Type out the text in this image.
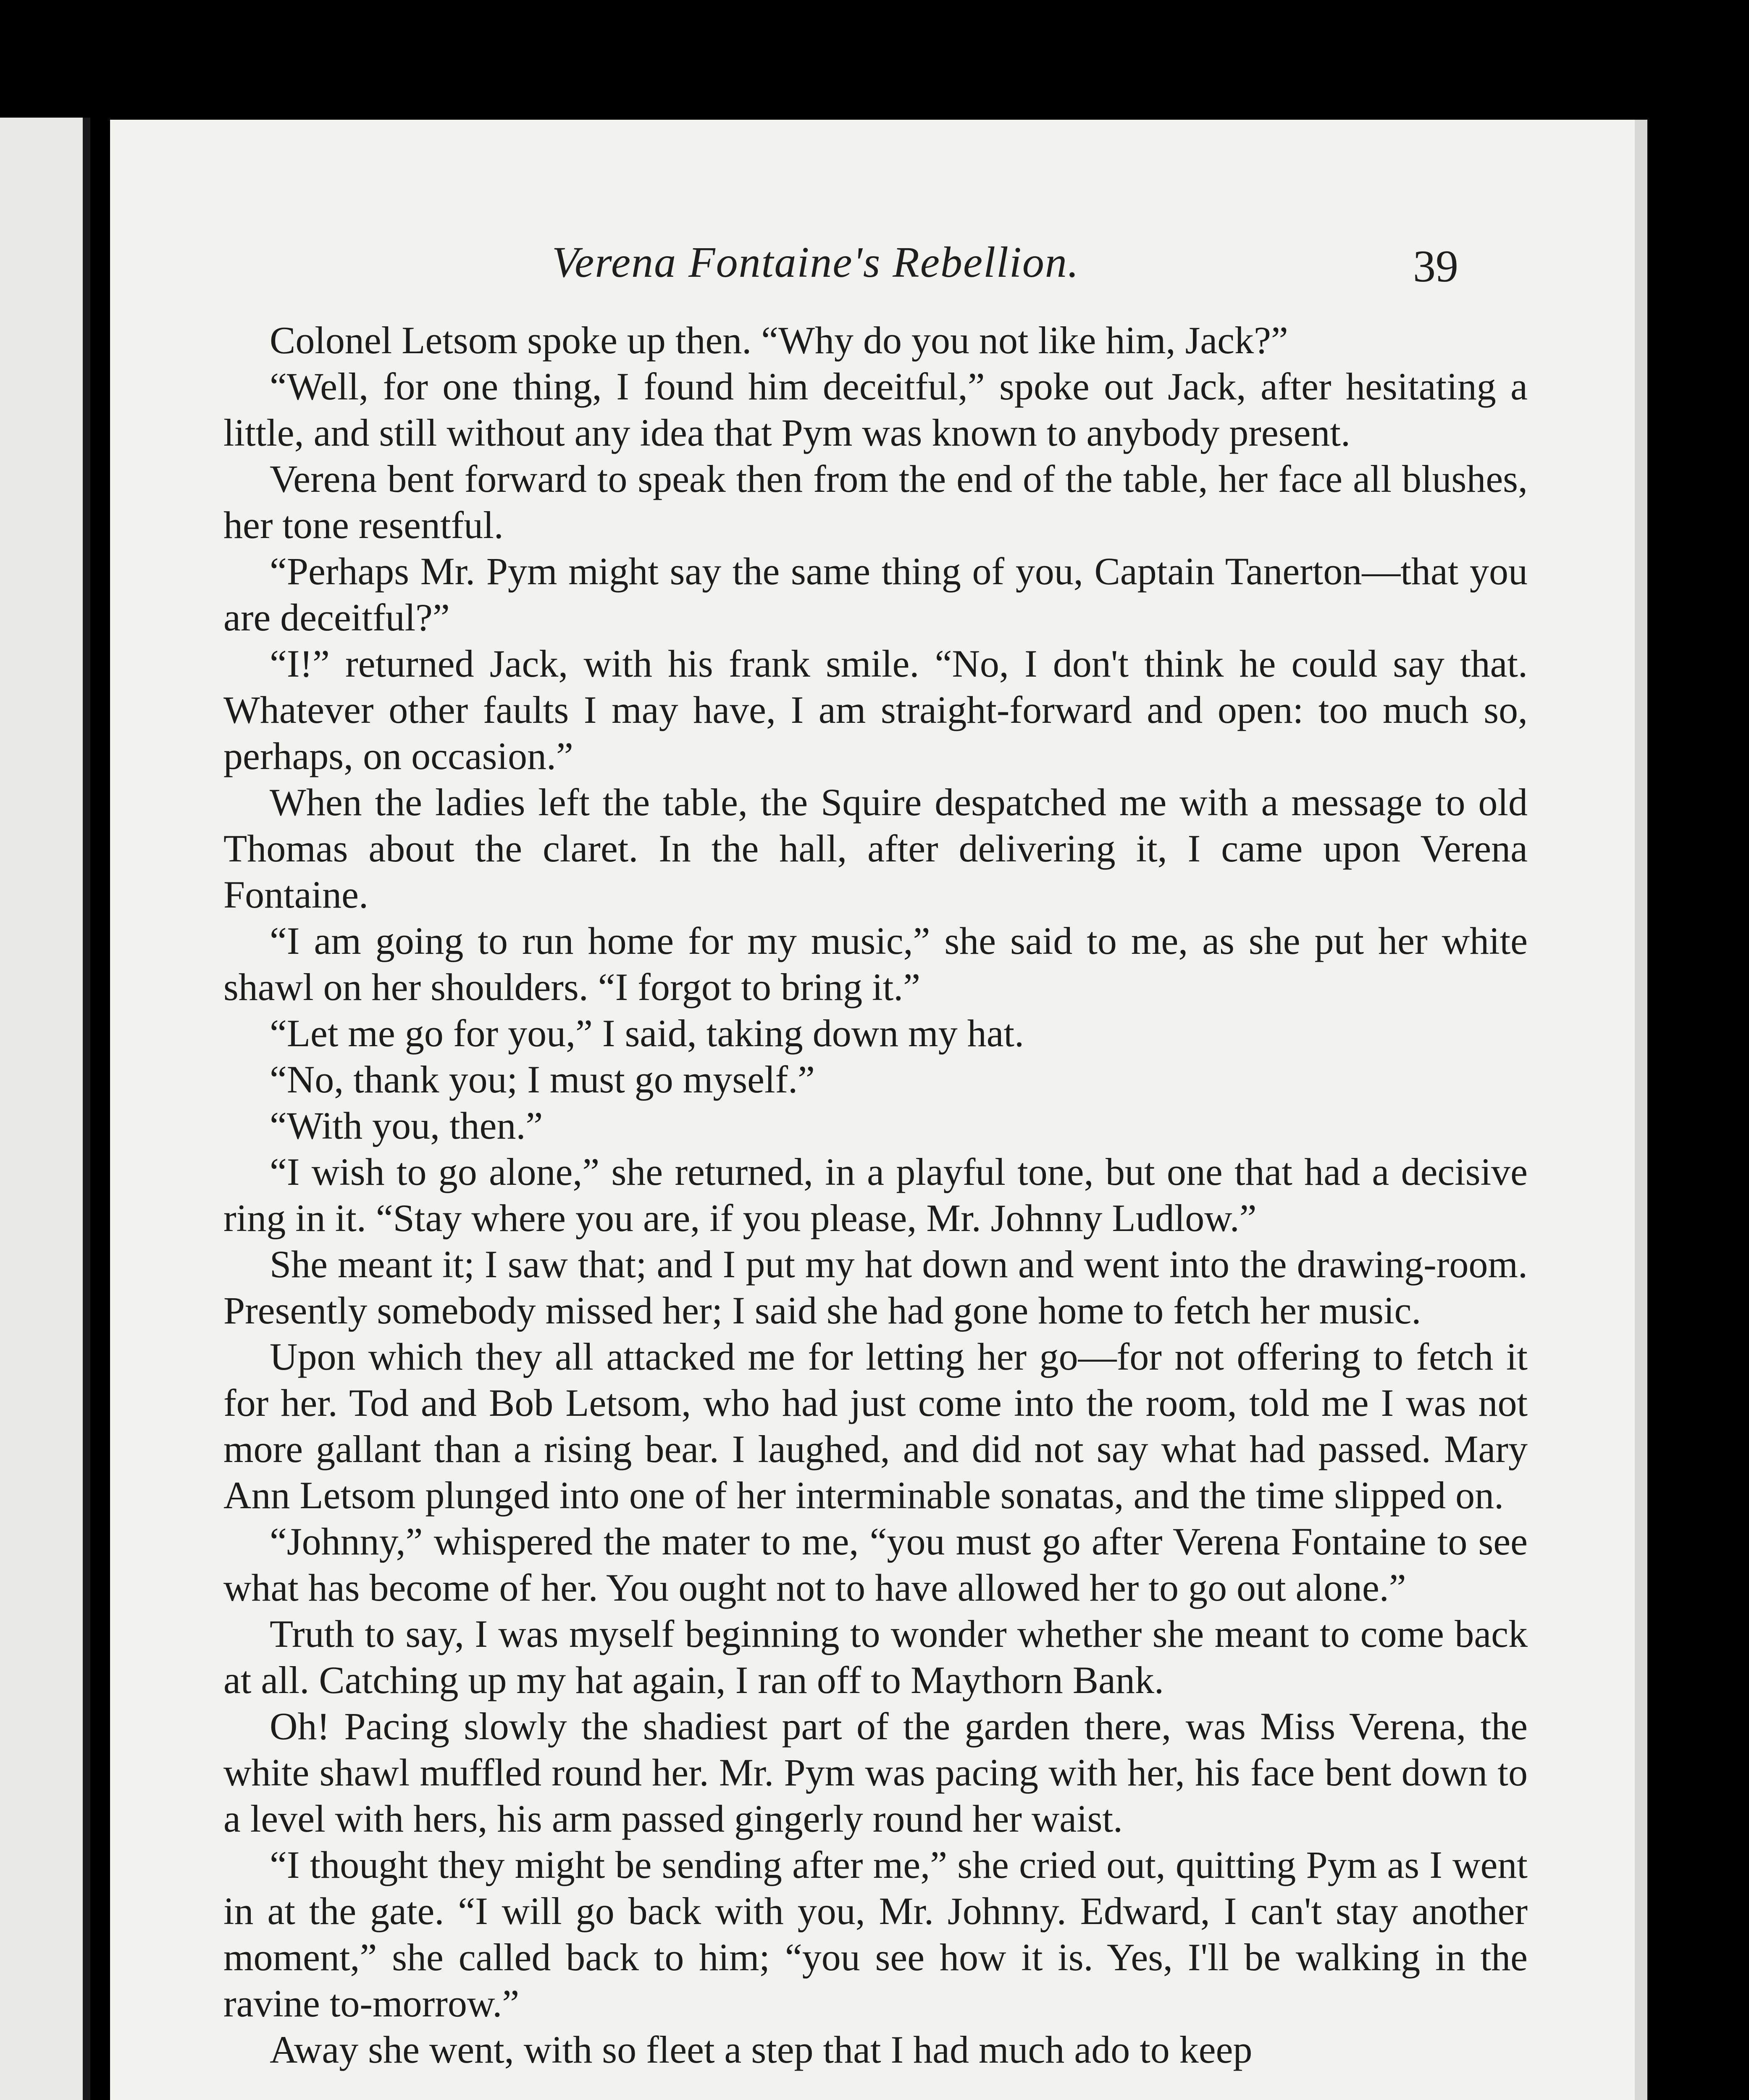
Verena Fontaine's Rebellion.	39

Colonel Letsom spoke up then. “Why do you not like him, Jack?”

“Well, for one thing, I found him deceitful,” spoke out Jack, after hesitating a little, and still without any idea that Pym was known to anybody present.

Verena bent forward to speak then from the end of the table, her face all blushes, her tone resentful.

“Perhaps Mr. Pym might say the same thing of you, Captain Tanerton—that you are deceitful?”

“I!” returned Jack, with his frank smile. “No, I don't think he could say that. Whatever other faults I may have, I am straight-forward and open: too much so, perhaps, on occasion.”

When the ladies left the table, the Squire despatched me with a message to old Thomas about the claret. In the hall, after delivering it, I came upon Verena Fontaine.

“I am going to run home for my music,” she said to me, as she put her white shawl on her shoulders. “I forgot to bring it.”

“Let me go for you,” I said, taking down my hat.

“No, thank you; I must go myself.”

“With you, then.”

“I wish to go alone,” she returned, in a playful tone, but one that had a decisive ring in it. “Stay where you are, if you please, Mr. Johnny Ludlow.”

She meant it; I saw that; and I put my hat down and went into the drawing-room. Presently somebody missed her; I said she had gone home to fetch her music.

Upon which they all attacked me for letting her go—for not offering to fetch it for her. Tod and Bob Letsom, who had just come into the room, told me I was not more gallant than a rising bear. I laughed, and did not say what had passed. Mary Ann Letsom plunged into one of her interminable sonatas, and the time slipped on.

“Johnny,” whispered the mater to me, “you must go after Verena Fontaine to see what has become of her. You ought not to have allowed her to go out alone.”

Truth to say, I was myself beginning to wonder whether she meant to come back at all. Catching up my hat again, I ran off to Maythorn Bank.

Oh! Pacing slowly the shadiest part of the garden there, was Miss Verena, the white shawl muffled round her. Mr. Pym was pacing with her, his face bent down to a level with hers, his arm passed gingerly round her waist.

“I thought they might be sending after me,” she cried out, quitting Pym as I went in at the gate. “I will go back with you, Mr. Johnny. Edward, I can't stay another moment,” she called back to him; “you see how it is. Yes, I'll be walking in the ravine to-morrow.”

Away she went, with so fleet a step that I had much ado to keep
